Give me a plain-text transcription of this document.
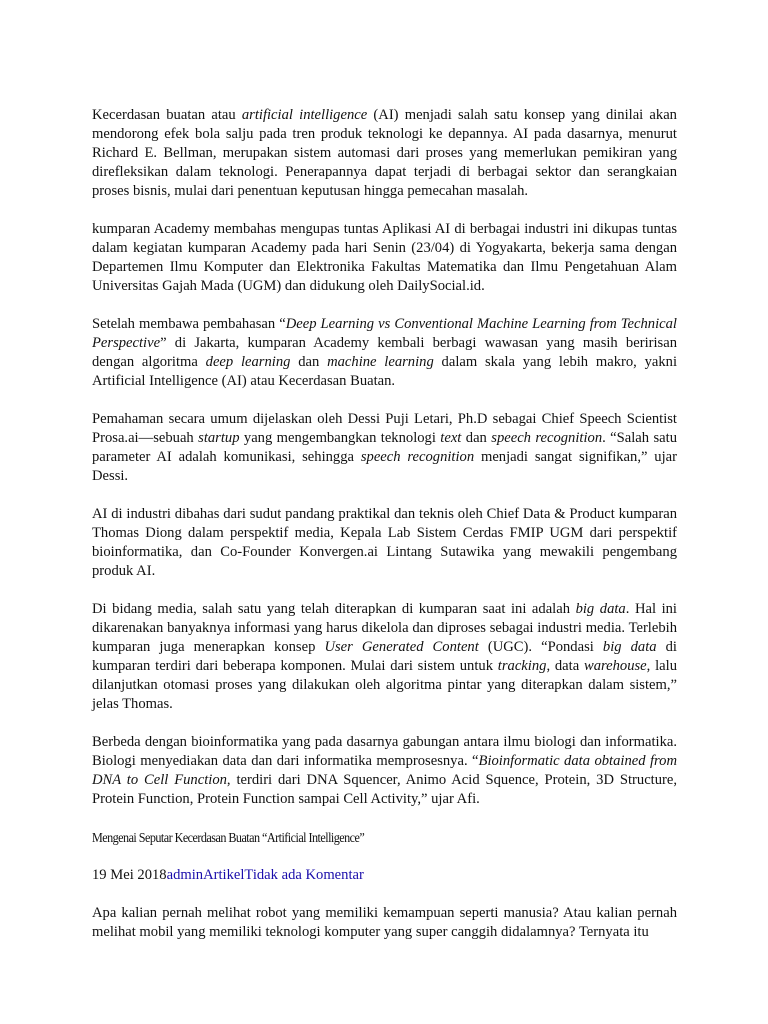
Kecerdasan buatan atau artificial intelligence (AI) menjadi salah satu konsep yang dinilai akan mendorong efek bola salju pada tren produk teknologi ke depannya. AI pada dasarnya, menurut Richard E. Bellman, merupakan sistem automasi dari proses yang memerlukan pemikiran yang direfleksikan dalam teknologi. Penerapannya dapat terjadi di berbagai sektor dan serangkaian proses bisnis, mulai dari penentuan keputusan hingga pemecahan masalah.

kumparan Academy membahas mengupas tuntas Aplikasi AI di berbagai industri ini dikupas tuntas dalam kegiatan kumparan Academy pada hari Senin (23/04) di Yogyakarta, bekerja sama dengan Departemen Ilmu Komputer dan Elektronika Fakultas Matematika dan Ilmu Pengetahuan Alam Universitas Gajah Mada (UGM) dan didukung oleh DailySocial.id.

Setelah membawa pembahasan “Deep Learning vs Conventional Machine Learning from Technical Perspective” di Jakarta, kumparan Academy kembali berbagi wawasan yang masih beririsan dengan algoritma deep learning dan machine learning dalam skala yang lebih makro, yakni Artificial Intelligence (AI) atau Kecerdasan Buatan.

Pemahaman secara umum dijelaskan oleh Dessi Puji Letari, Ph.D sebagai Chief Speech Scientist Prosa.ai—sebuah startup yang mengembangkan teknologi text dan speech recognition. “Salah satu parameter AI adalah komunikasi, sehingga speech recognition menjadi sangat signifikan,” ujar Dessi.

AI di industri dibahas dari sudut pandang praktikal dan teknis oleh Chief Data & Product kumparan Thomas Diong dalam perspektif media, Kepala Lab Sistem Cerdas FMIP UGM dari perspektif bioinformatika, dan Co-Founder Konvergen.ai Lintang Sutawika yang mewakili pengembang produk AI.

Di bidang media, salah satu yang telah diterapkan di kumparan saat ini adalah big data. Hal ini dikarenakan banyaknya informasi yang harus dikelola dan diproses sebagai industri media. Terlebih kumparan juga menerapkan konsep User Generated Content (UGC). “Pondasi big data di kumparan terdiri dari beberapa komponen. Mulai dari sistem untuk tracking, data warehouse, lalu dilanjutkan otomasi proses yang dilakukan oleh algoritma pintar yang diterapkan dalam sistem,” jelas Thomas.

Berbeda dengan bioinformatika yang pada dasarnya gabungan antara ilmu biologi dan informatika. Biologi menyediakan data dan dari informatika memprosesnya. “Bioinformatic data obtained from DNA to Cell Function, terdiri dari DNA Squencer, Animo Acid Squence, Protein, 3D Structure, Protein Function, Protein Function sampai Cell Activity,” ujar Afi.

Mengenai Seputar Kecerdasan Buatan “Artificial Intelligence”
19 Mei 2018adminArtikelTidak ada Komentar

Apa kalian pernah melihat robot yang memiliki kemampuan seperti manusia? Atau kalian pernah melihat mobil yang memiliki teknologi komputer yang super canggih didalamnya? Ternyata itu
